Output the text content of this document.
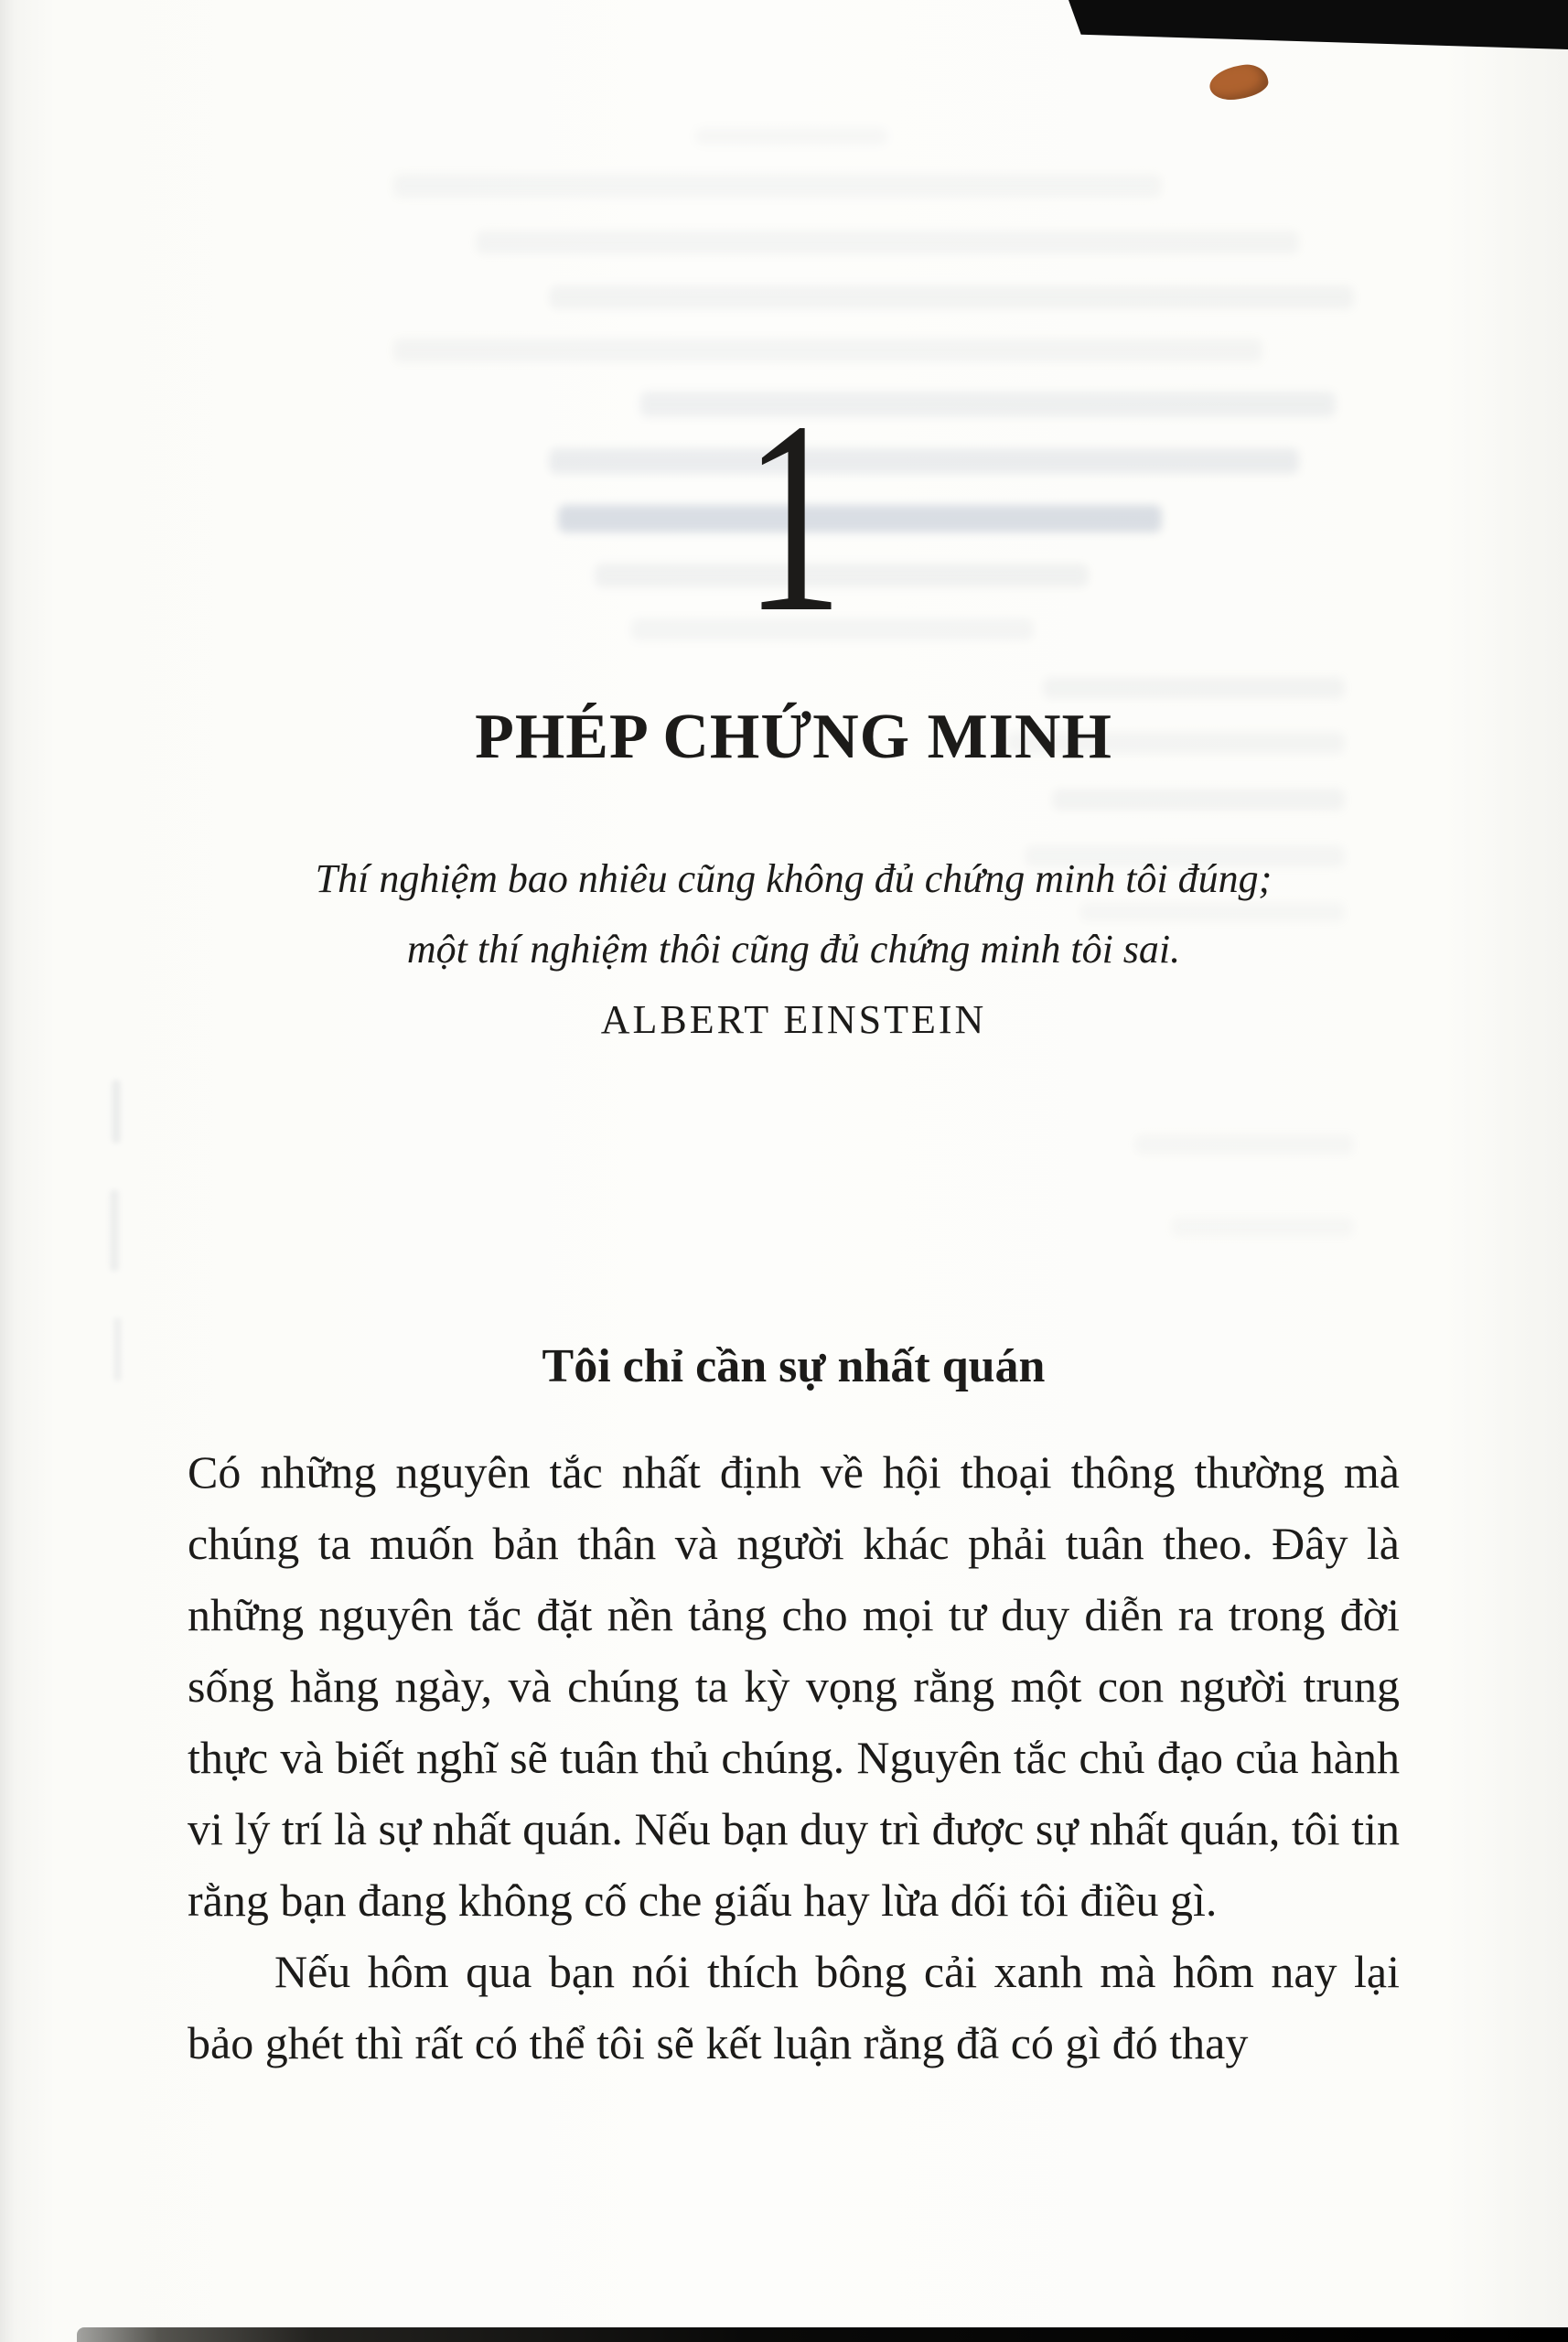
1
PHÉP CHỨNG MINH
Thí nghiệm bao nhiêu cũng không đủ chứng minh tôi đúng;
một thí nghiệm thôi cũng đủ chứng minh tôi sai.
ALBERT EINSTEIN
Tôi chỉ cần sự nhất quán

Có những nguyên tắc nhất định về hội thoại thông thường mà chúng ta muốn bản thân và người khác phải tuân theo. Đây là những nguyên tắc đặt nền tảng cho mọi tư duy diễn ra trong đời sống hằng ngày, và chúng ta kỳ vọng rằng một con người trung thực và biết nghĩ sẽ tuân thủ chúng. Nguyên tắc chủ đạo của hành vi lý trí là sự nhất quán. Nếu bạn duy trì được sự nhất quán, tôi tin rằng bạn đang không cố che giấu hay lừa dối tôi điều gì.

Nếu hôm qua bạn nói thích bông cải xanh mà hôm nay lại bảo ghét thì rất có thể tôi sẽ kết luận rằng đã có gì đó thay
